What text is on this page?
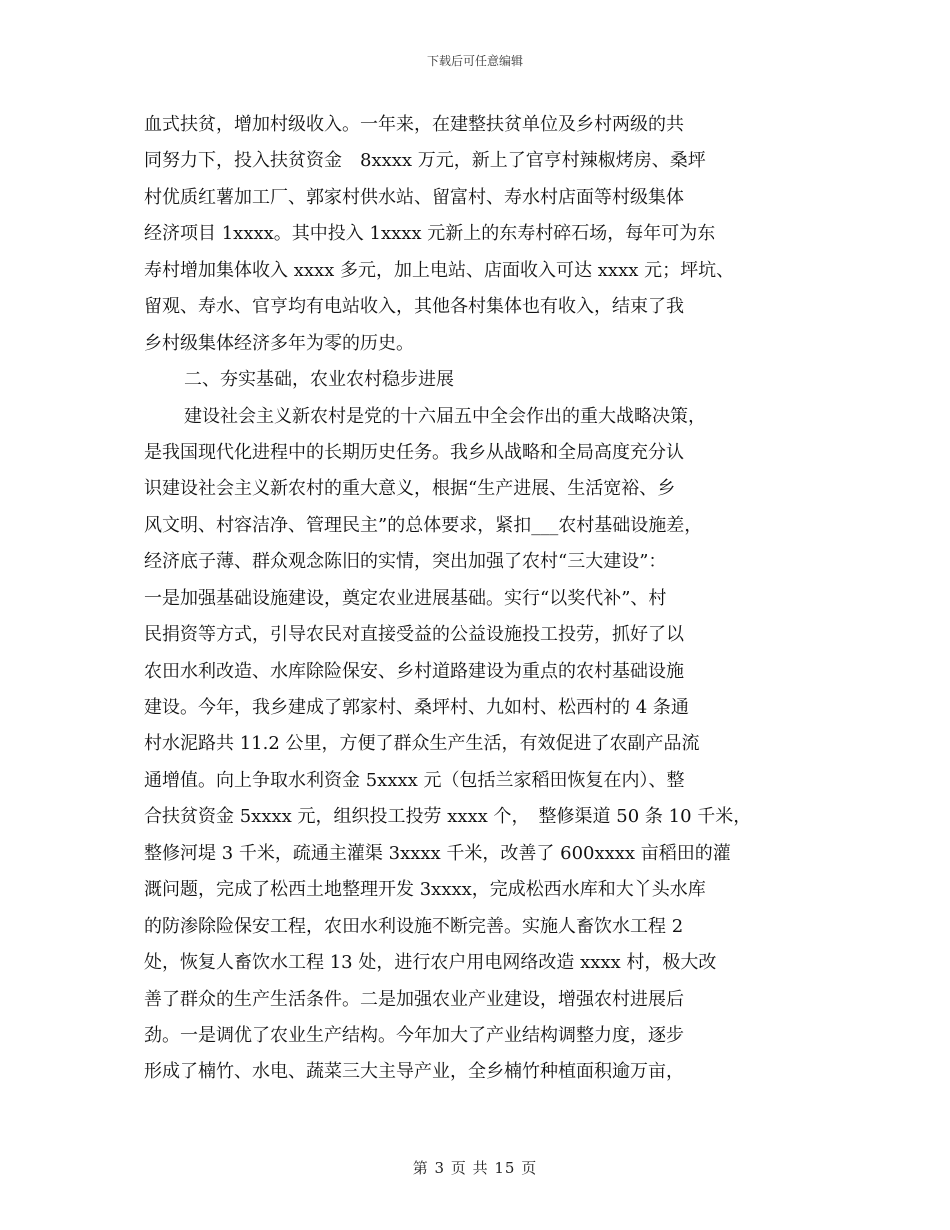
下载后可任意编辑
血式扶贫，增加村级收入。一年来，在建整扶贫单位及乡村两级的共
同努力下，投入扶贫资金　8xxxx 万元，新上了官亨村辣椒烤房、桑坪
村优质红薯加工厂、郭家村供水站、留富村、寿水村店面等村级集体
经济项目 1xxxx。其中投入 1xxxx 元新上的东寿村碎石场，每年可为东
寿村增加集体收入 xxxx 多元，加上电站、店面收入可达 xxxx 元；坪坑、
留观、寿水、官亨均有电站收入，其他各村集体也有收入，结束了我
乡村级集体经济多年为零的历史。
二、夯实基础，农业农村稳步进展
建设社会主义新农村是党的十六届五中全会作出的重大战略决策，
是我国现代化进程中的长期历史任务。我乡从战略和全局高度充分认
识建设社会主义新农村的重大意义，根据“生产进展、生活宽裕、乡
风文明、村容洁净、管理民主”的总体要求，紧扣___农村基础设施差，
经济底子薄、群众观念陈旧的实情，突出加强了农村“三大建设”：
一是加强基础设施建设，奠定农业进展基础。实行“以奖代补”、村
民捐资等方式，引导农民对直接受益的公益设施投工投劳，抓好了以
农田水利改造、水库除险保安、乡村道路建设为重点的农村基础设施
建设。今年，我乡建成了郭家村、桑坪村、九如村、松西村的 4 条通
村水泥路共 11.2 公里，方便了群众生产生活，有效促进了农副产品流
通增值。向上争取水利资金 5xxxx 元（包括兰家稻田恢复在内）、整
合扶贫资金 5xxxx 元，组织投工投劳 xxxx 个，　整修渠道 50 条 10 千米，
整修河堤 3 千米，疏通主灌渠 3xxxx 千米，改善了 600xxxx 亩稻田的灌
溉问题，完成了松西土地整理开发 3xxxx，完成松西水库和大丫头水库
的防渗除险保安工程，农田水利设施不断完善。实施人畜饮水工程 2
处，恢复人畜饮水工程 13 处，进行农户用电网络改造 xxxx 村，极大改
善了群众的生产生活条件。二是加强农业产业建设，增强农村进展后
劲。一是调优了农业生产结构。今年加大了产业结构调整力度，逐步
形成了楠竹、水电、蔬菜三大主导产业，全乡楠竹种植面积逾万亩，
第 3 页 共 15 页
